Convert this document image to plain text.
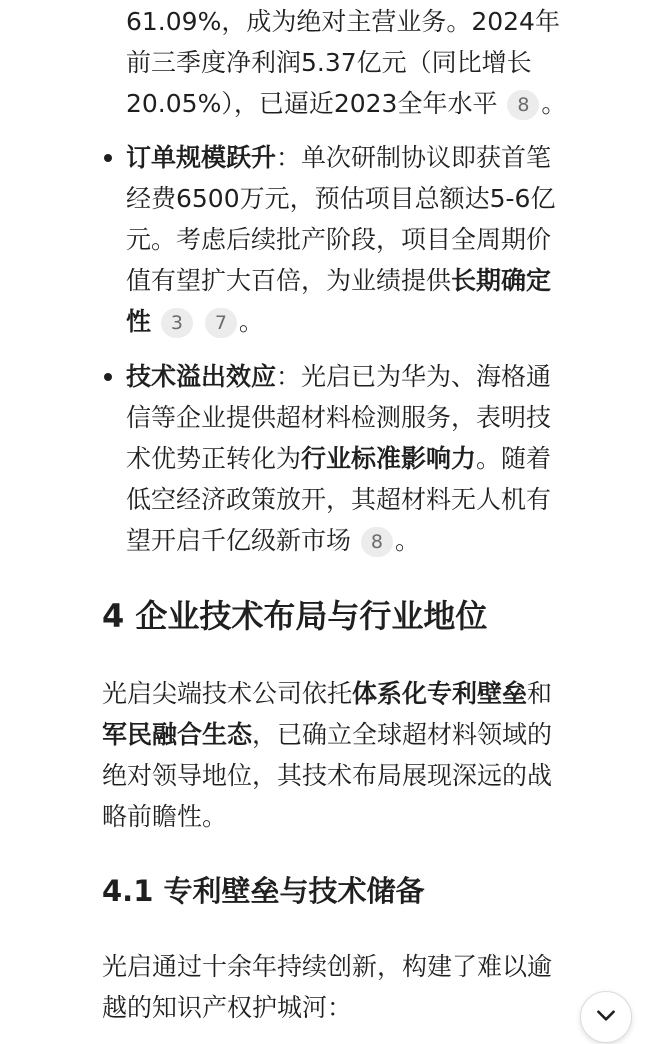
61.09%，成为绝对主营业务。2024年
前三季度净利润5.37亿元（同比增长
20.05%），已逼近2023全年水平 8 。
订单规模跃升：单次研制协议即获首笔
经费6500万元，预估项目总额达5-6亿
元。考虑后续批产阶段，项目全周期价
值有望扩大百倍，为业绩提供长期确定
性 3 7 。
技术溢出效应：光启已为华为、海格通
信等企业提供超材料检测服务，表明技
术优势正转化为行业标准影响力。随着
低空经济政策放开，其超材料无人机有
望开启千亿级新市场 8 。
4 企业技术布局与行业地位
光启尖端技术公司依托体系化专利壁垒和
军民融合生态，已确立全球超材料领域的
绝对领导地位，其技术布局展现深远的战
略前瞻性。
4.1 专利壁垒与技术储备
光启通过十余年持续创新，构建了难以逾
越的知识产权护城河：
